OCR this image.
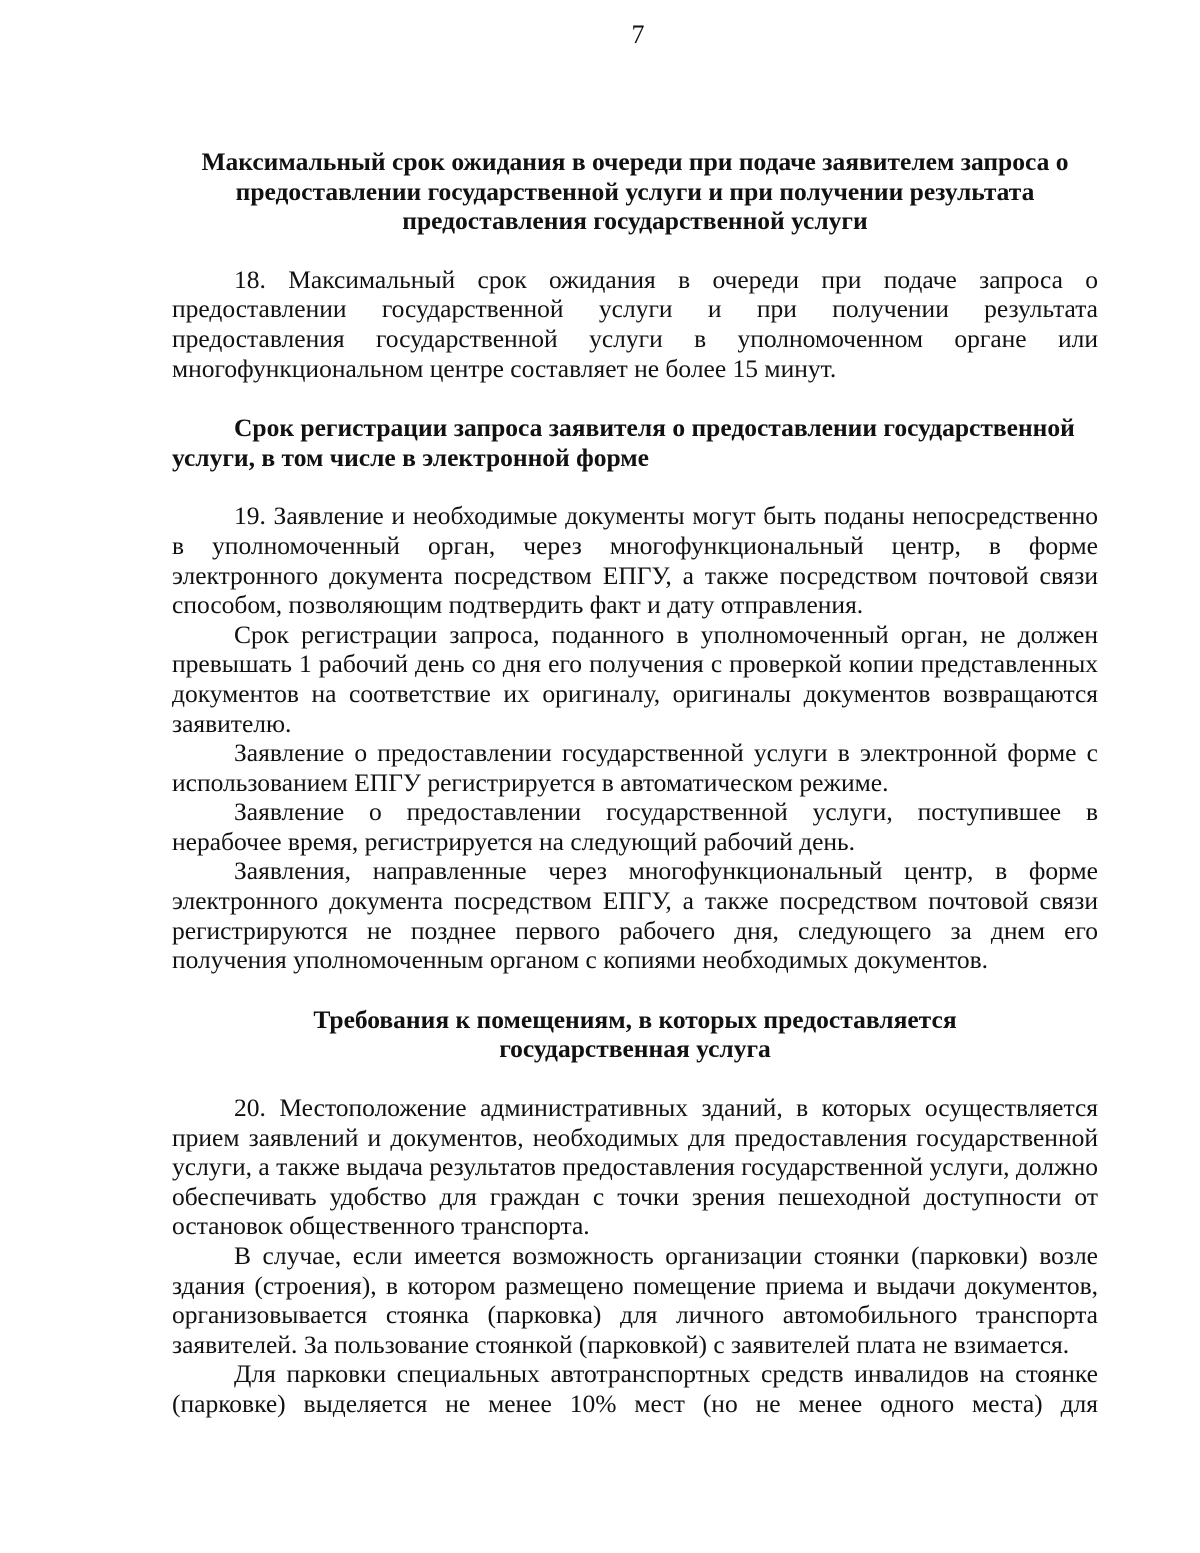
7

Максимальный срок ожидания в очереди при подаче заявителем запроса о предоставлении государственной услуги и при получении результата предоставления государственной услуги

18. Максимальный срок ожидания в очереди при подаче запроса о предоставлении государственной услуги и при получении результата предоставления государственной услуги в уполномоченном органе или многофункциональном центре составляет не более 15 минут.

Срок регистрации запроса заявителя о предоставлении государственной услуги, в том числе в электронной форме

19. Заявление и необходимые документы могут быть поданы непосредственно в уполномоченный орган, через многофункциональный центр, в форме электронного документа посредством ЕПГУ, а также посредством почтовой связи способом, позволяющим подтвердить факт и дату отправления.

Срок регистрации запроса, поданного в уполномоченный орган, не должен превышать 1 рабочий день со дня его получения с проверкой копии представленных документов на соответствие их оригиналу, оригиналы документов возвращаются заявителю.

Заявление о предоставлении государственной услуги в электронной форме с использованием ЕПГУ регистрируется в автоматическом режиме.

Заявление о предоставлении государственной услуги, поступившее в нерабочее время, регистрируется на следующий рабочий день.

Заявления, направленные через многофункциональный центр, в форме электронного документа посредством ЕПГУ, а также посредством почтовой связи регистрируются не позднее первого рабочего дня, следующего за днем его получения уполномоченным органом с копиями необходимых документов.

Требования к помещениям, в которых предоставляется государственная услуга

20. Местоположение административных зданий, в которых осуществляется прием заявлений и документов, необходимых для предоставления государственной услуги, а также выдача результатов предоставления государственной услуги, должно обеспечивать удобство для граждан с точки зрения пешеходной доступности от остановок общественного транспорта.

В случае, если имеется возможность организации стоянки (парковки) возле здания (строения), в котором размещено помещение приема и выдачи документов, организовывается стоянка (парковка) для личного автомобильного транспорта заявителей. За пользование стоянкой (парковкой) с заявителей плата не взимается.

Для парковки специальных автотранспортных средств инвалидов на стоянке (парковке) выделяется не менее 10% мест (но не менее одного места) для
